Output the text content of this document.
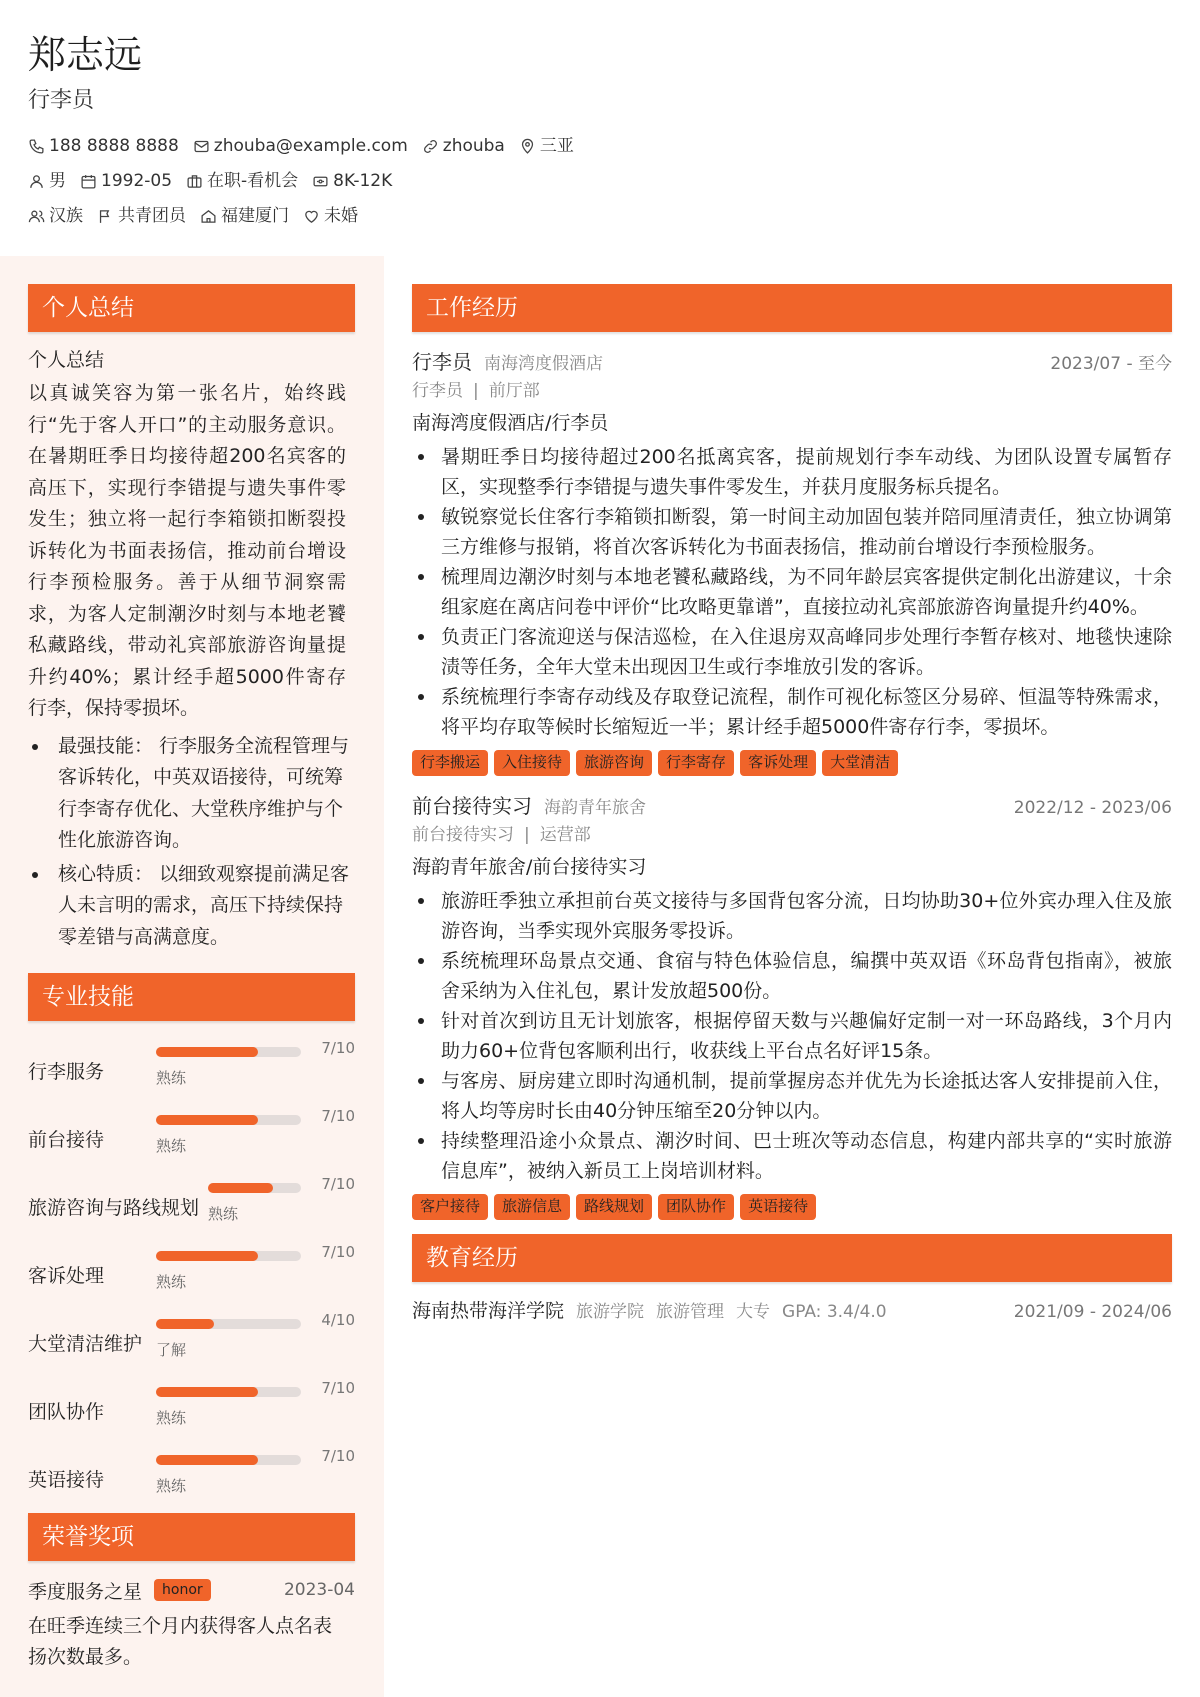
郑志远
行李员
188 8888 8888 zhouba@example.com zhouba 三亚
男 1992-05 在职-看机会 8K-12K
汉族 共青团员 福建厦门 未婚
个人总结
个人总结
以真诚笑容为第一张名片，始终践行“先于客人开口”的主动服务意识。在暑期旺季日均接待超200名宾客的高压下，实现行李错提与遗失事件零发生；独立将一起行李箱锁扣断裂投诉转化为书面表扬信，推动前台增设行李预检服务。善于从细节洞察需求，为客人定制潮汐时刻与本地老饕私藏路线，带动礼宾部旅游咨询量提升约40%；累计经手超5000件寄存行李，保持零损坏。
最强技能： 行李服务全流程管理与客诉转化，中英双语接待，可统筹行李寄存优化、大堂秩序维护与个性化旅游咨询。
核心特质： 以细致观察提前满足客人未言明的需求，高压下持续保持零差错与高满意度。
专业技能
行李服务
7/10
熟练
前台接待
7/10
熟练
旅游咨询与路线规划
7/10
熟练
客诉处理
7/10
熟练
大堂清洁维护
4/10
了解
团队协作
7/10
熟练
英语接待
7/10
熟练
荣誉奖项
季度服务之星	honor	2023-04
在旺季连续三个月内获得客人点名表扬次数最多。
工作经历
行李员 南海湾度假酒店	2023/07 - 至今
行李员 | 前厅部
南海湾度假酒店/行李员
暑期旺季日均接待超过200名抵离宾客，提前规划行李车动线、为团队设置专属暂存区，实现整季行李错提与遗失事件零发生，并获月度服务标兵提名。
敏锐察觉长住客行李箱锁扣断裂，第一时间主动加固包装并陪同厘清责任，独立协调第三方维修与报销，将首次客诉转化为书面表扬信，推动前台增设行李预检服务。
梳理周边潮汐时刻与本地老饕私藏路线，为不同年龄层宾客提供定制化出游建议，十余组家庭在离店问卷中评价“比攻略更靠谱”，直接拉动礼宾部旅游咨询量提升约40%。
负责正门客流迎送与保洁巡检，在入住退房双高峰同步处理行李暂存核对、地毯快速除渍等任务，全年大堂未出现因卫生或行李堆放引发的客诉。
系统梳理行李寄存动线及存取登记流程，制作可视化标签区分易碎、恒温等特殊需求，将平均存取等候时长缩短近一半；累计经手超5000件寄存行李，零损坏。
行李搬运	入住接待	旅游咨询	行李寄存	客诉处理	大堂清洁
前台接待实习 海韵青年旅舍	2022/12 - 2023/06
前台接待实习 | 运营部
海韵青年旅舍/前台接待实习
旅游旺季独立承担前台英文接待与多国背包客分流，日均协助30+位外宾办理入住及旅游咨询，当季实现外宾服务零投诉。
系统梳理环岛景点交通、食宿与特色体验信息，编撰中英双语《环岛背包指南》，被旅舍采纳为入住礼包，累计发放超500份。
针对首次到访且无计划旅客，根据停留天数与兴趣偏好定制一对一环岛路线，3个月内助力60+位背包客顺利出行，收获线上平台点名好评15条。
与客房、厨房建立即时沟通机制，提前掌握房态并优先为长途抵达客人安排提前入住，将人均等房时长由40分钟压缩至20分钟以内。
持续整理沿途小众景点、潮汐时间、巴士班次等动态信息，构建内部共享的“实时旅游信息库”，被纳入新员工上岗培训材料。
客户接待	旅游信息	路线规划	团队协作	英语接待
教育经历
海南热带海洋学院 旅游学院 旅游管理 大专 GPA: 3.4/4.0	2021/09 - 2024/06
